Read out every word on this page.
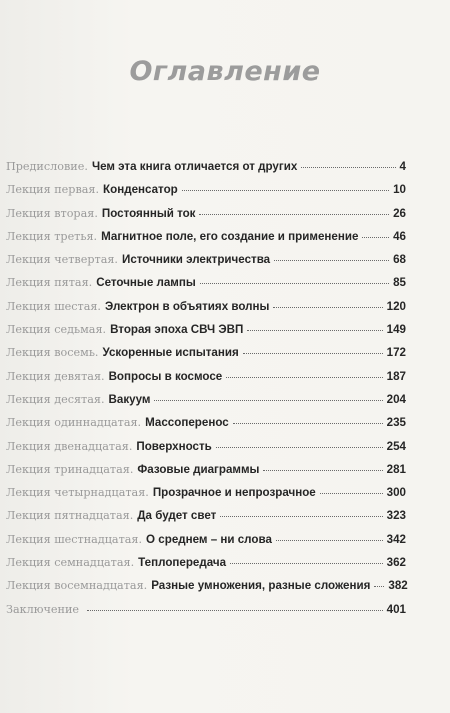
Оглавление
Предисловие. Чем эта книга отличается от других	4
Лекция первая. Конденсатор	10
Лекция вторая. Постоянный ток	26
Лекция третья. Магнитное поле, его создание и применение	46
Лекция четвертая. Источники электричества	68
Лекция пятая. Сеточные лампы	85
Лекция шестая. Электрон в объятиях волны	120
Лекция седьмая. Вторая эпоха СВЧ ЭВП	149
Лекция восемь. Ускоренные испытания	172
Лекция девятая. Вопросы в космосе	187
Лекция десятая. Вакуум	204
Лекция одиннадцатая. Массоперенос	235
Лекция двенадцатая. Поверхность	254
Лекция тринадцатая. Фазовые диаграммы	281
Лекция четырнадцатая. Прозрачное и непрозрачное	300
Лекция пятнадцатая. Да будет свет	323
Лекция шестнадцатая. О среднем – ни слова	342
Лекция семнадцатая. Теплопередача	362
Лекция восемнадцатая. Разные умножения, разные сложения 382
Заключение	401
